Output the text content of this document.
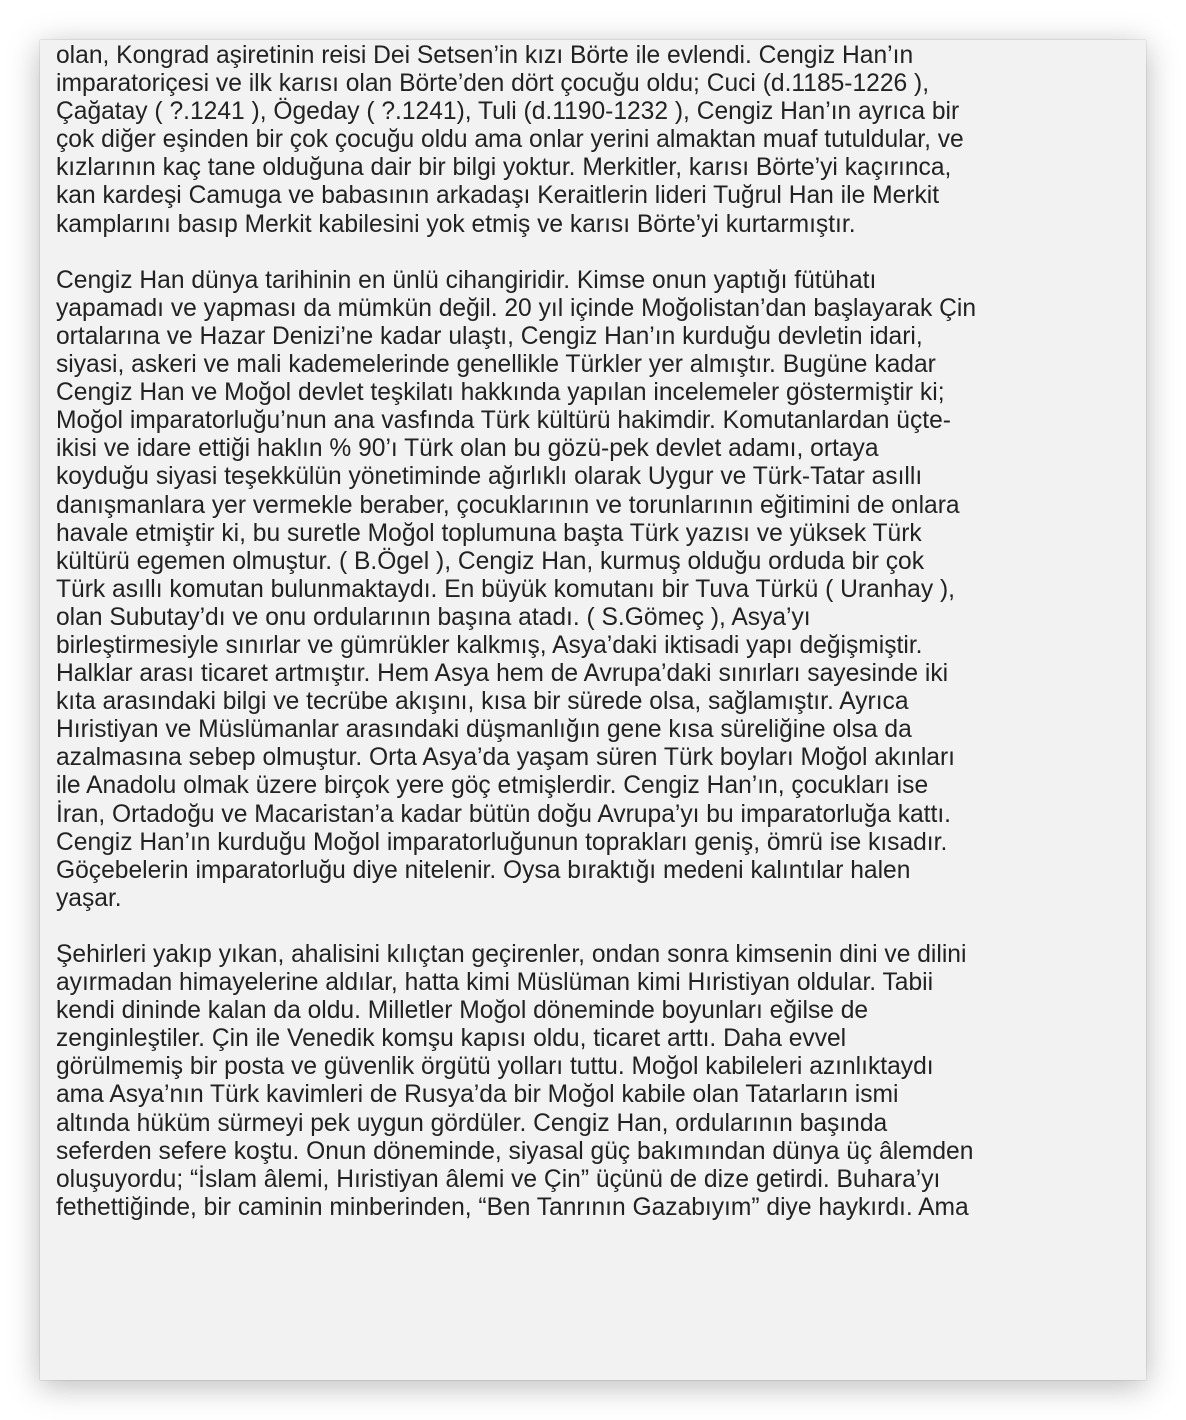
olan, Kongrad aşiretinin reisi Dei Setsen’in kızı Börte ile evlendi. Cengiz Han’ın
imparatoriçesi ve ilk karısı olan Börte’den dört çocuğu oldu; Cuci (d.1185-1226 ),
Çağatay ( ?.1241 ), Ögeday ( ?.1241), Tuli (d.1190-1232 ), Cengiz Han’ın ayrıca bir
çok diğer eşinden bir çok çocuğu oldu ama onlar yerini almaktan muaf tutuldular, ve
kızlarının kaç tane olduğuna dair bir bilgi yoktur. Merkitler, karısı Börte’yi kaçırınca,
kan kardeşi Camuga ve babasının arkadaşı Keraitlerin lideri Tuğrul Han ile Merkit
kamplarını basıp Merkit kabilesini yok etmiş ve karısı Börte’yi kurtarmıştır.

Cengiz Han dünya tarihinin en ünlü cihangiridir. Kimse onun yaptığı fütühatı
yapamadı ve yapması da mümkün değil. 20 yıl içinde Moğolistan’dan başlayarak Çin
ortalarına ve Hazar Denizi’ne kadar ulaştı, Cengiz Han’ın kurduğu devletin idari,
siyasi, askeri ve mali kademelerinde genellikle Türkler yer almıştır. Bugüne kadar
Cengiz Han ve Moğol devlet teşkilatı hakkında yapılan incelemeler göstermiştir ki;
Moğol imparatorluğu’nun ana vasfında Türk kültürü hakimdir. Komutanlardan üçte-
ikisi ve idare ettiği haklın % 90’ı Türk olan bu gözü-pek devlet adamı, ortaya
koyduğu siyasi teşekkülün yönetiminde ağırlıklı olarak Uygur ve Türk-Tatar asıllı
danışmanlara yer vermekle beraber, çocuklarının ve torunlarının eğitimini de onlara
havale etmiştir ki, bu suretle Moğol toplumuna başta Türk yazısı ve yüksek Türk
kültürü egemen olmuştur. ( B.Ögel ), Cengiz Han, kurmuş olduğu orduda bir çok
Türk asıllı komutan bulunmaktaydı. En büyük komutanı bir Tuva Türkü ( Uranhay ),
olan Subutay’dı ve onu ordularının başına atadı. ( S.Gömeç ), Asya’yı
birleştirmesiyle sınırlar ve gümrükler kalkmış, Asya’daki iktisadi yapı değişmiştir.
Halklar arası ticaret artmıştır. Hem Asya hem de Avrupa’daki sınırları sayesinde iki
kıta arasındaki bilgi ve tecrübe akışını, kısa bir sürede olsa, sağlamıştır. Ayrıca
Hıristiyan ve Müslümanlar arasındaki düşmanlığın gene kısa süreliğine olsa da
azalmasına sebep olmuştur. Orta Asya’da yaşam süren Türk boyları Moğol akınları
ile Anadolu olmak üzere birçok yere göç etmişlerdir. Cengiz Han’ın, çocukları ise
İran, Ortadoğu ve Macaristan’a kadar bütün doğu Avrupa’yı bu imparatorluğa kattı.
Cengiz Han’ın kurduğu Moğol imparatorluğunun toprakları geniş, ömrü ise kısadır.
Göçebelerin imparatorluğu diye nitelenir. Oysa bıraktığı medeni kalıntılar halen
yaşar.

Şehirleri yakıp yıkan, ahalisini kılıçtan geçirenler, ondan sonra kimsenin dini ve dilini
ayırmadan himayelerine aldılar, hatta kimi Müslüman kimi Hıristiyan oldular. Tabii
kendi dininde kalan da oldu. Milletler Moğol döneminde boyunları eğilse de
zenginleştiler. Çin ile Venedik komşu kapısı oldu, ticaret arttı. Daha evvel
görülmemiş bir posta ve güvenlik örgütü yolları tuttu. Moğol kabileleri azınlıktaydı
ama Asya’nın Türk kavimleri de Rusya’da bir Moğol kabile olan Tatarların ismi
altında hüküm sürmeyi pek uygun gördüler. Cengiz Han, ordularının başında
seferden sefere koştu. Onun döneminde, siyasal güç bakımından dünya üç âlemden
oluşuyordu; “İslam âlemi, Hıristiyan âlemi ve Çin” üçünü de dize getirdi. Buhara’yı
fethettiğinde, bir caminin minberinden, “Ben Tanrının Gazabıyım” diye haykırdı. Ama
